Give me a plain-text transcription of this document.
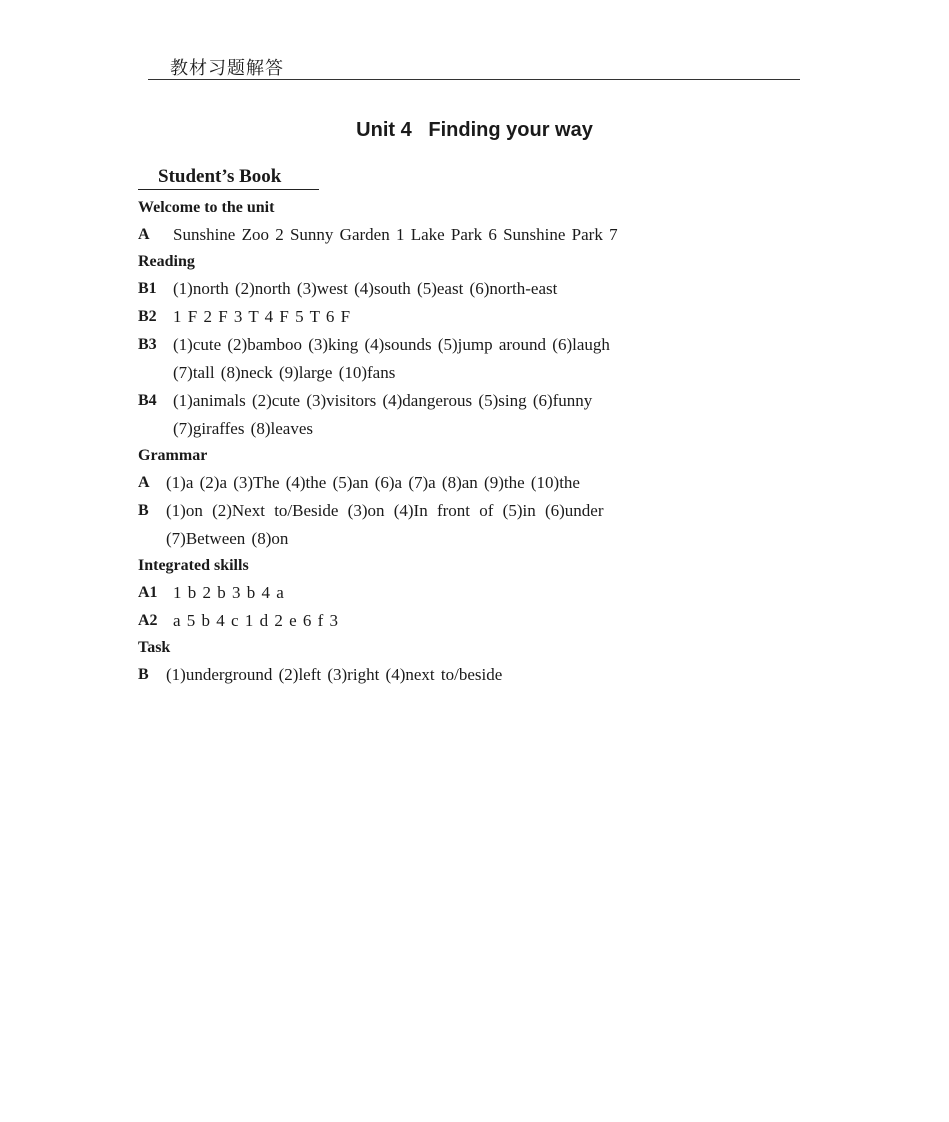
教材习题解答
Unit 4   Finding your way
Student’s Book
Welcome to the unit
A Sunshine Zoo 2 Sunny Garden 1 Lake Park 6 Sunshine Park 7
Reading
B1 (1)north (2)north (3)west (4)south (5)east (6)north-east
B2 1 F 2 F 3 T 4 F 5 T 6 F
B3 (1)cute (2)bamboo (3)king (4)sounds (5)jump around (6)laugh
(7)tall (8)neck (9)large (10)fans
B4 (1)animals (2)cute (3)visitors (4)dangerous (5)sing (6)funny
(7)giraffes (8)leaves
Grammar
A (1)a (2)a (3)The (4)the (5)an (6)a (7)a (8)an (9)the (10)the
B (1)on (2)Next to/Beside (3)on (4)In front of (5)in (6)under
(7)Between (8)on
Integrated skills
A1 1 b 2 b 3 b 4 a
A2 a 5 b 4 c 1 d 2 e 6 f 3
Task
B (1)underground (2)left (3)right (4)next to/beside
